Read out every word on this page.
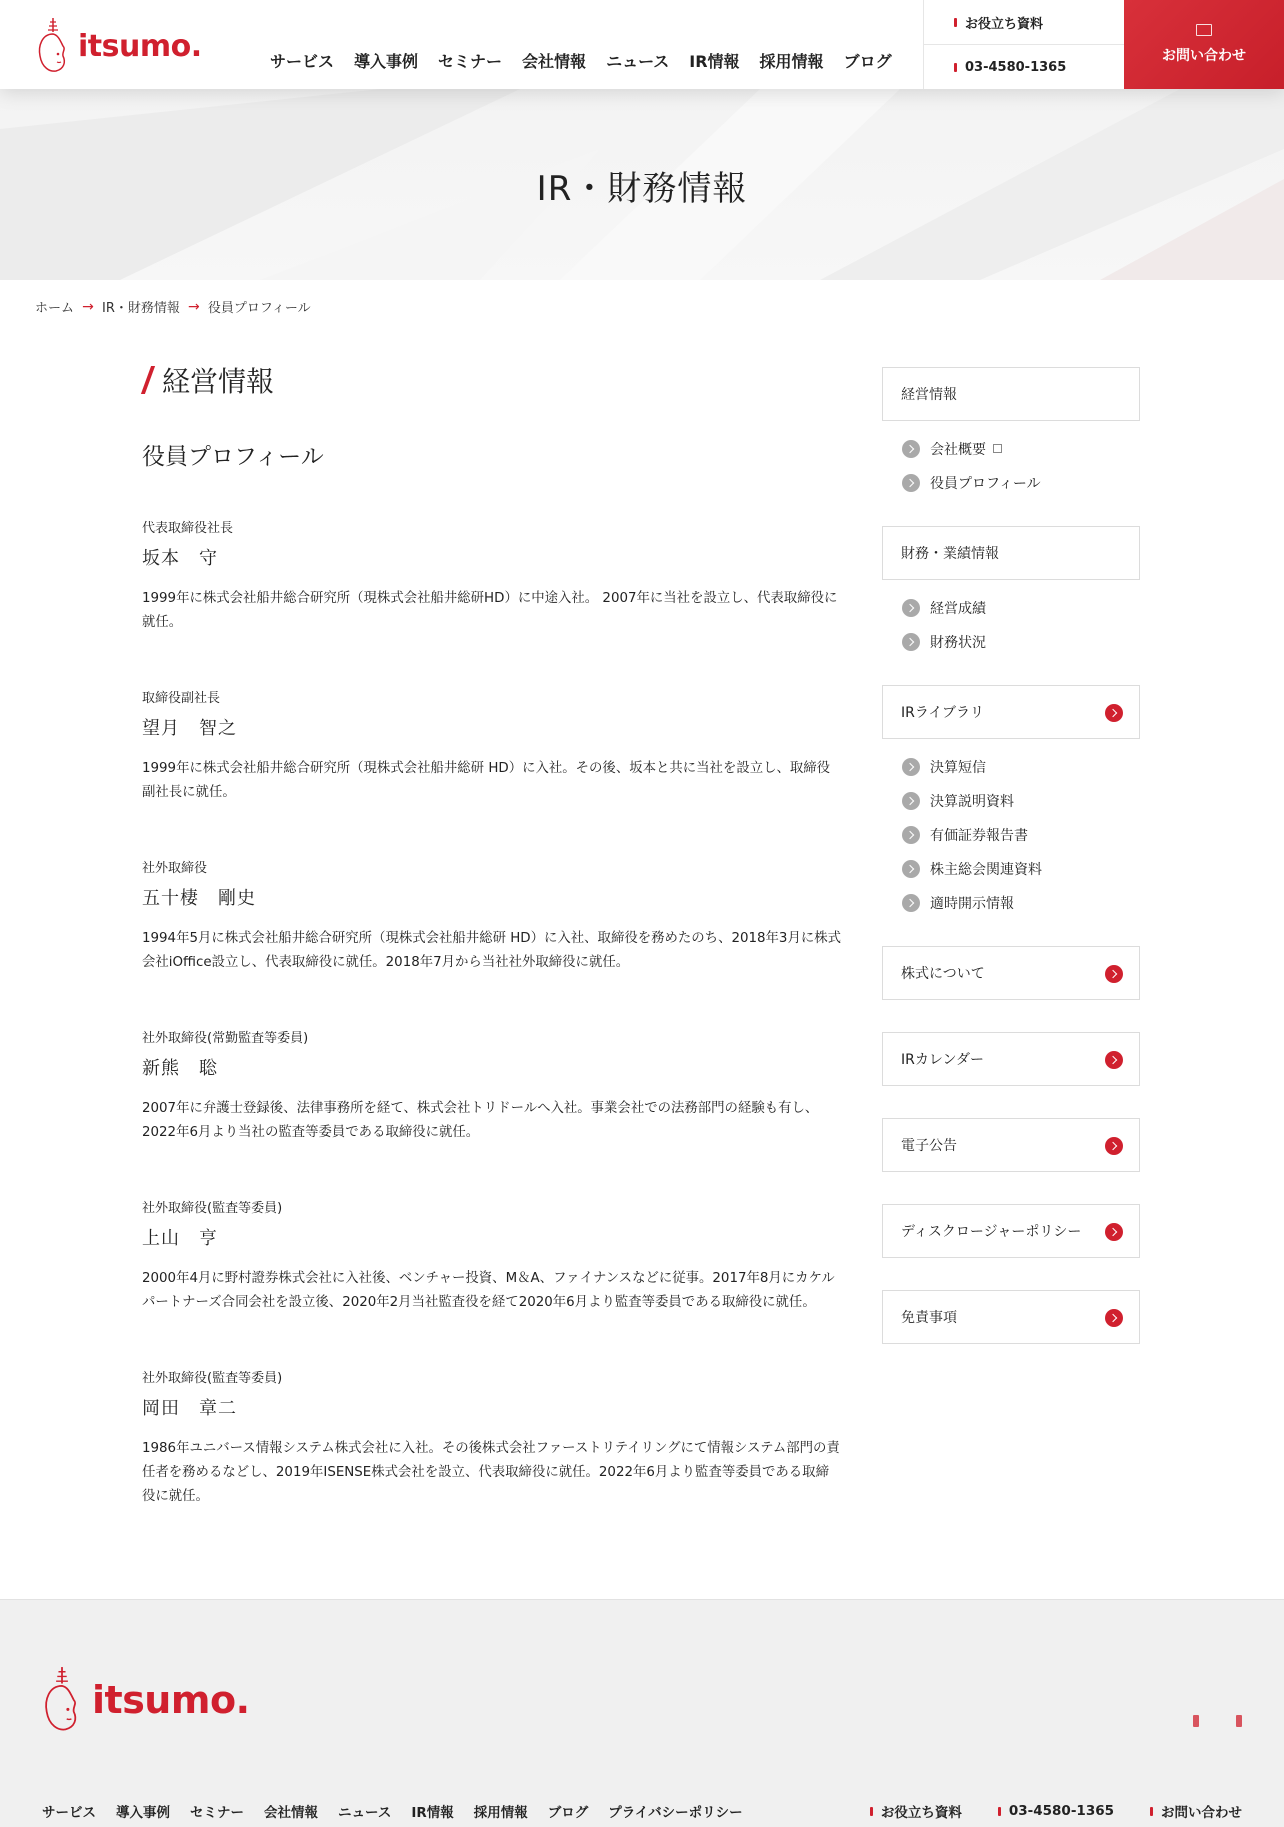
itsumo.	サービス 導入事例 セミナー 会社情報 ニュース IR情報 採用情報 ブログ
お役立ち資料
03-4580-1365
お問い合わせ
IR・財務情報
ホーム → IR・財務情報 → 役員プロフィール
経営情報
役員プロフィール
代表取締役社長
坂本　守
1999年に株式会社船井総合研究所（現株式会社船井総研HD）に中途入社。 2007年に当社を設立し、代表取締役に就任。
取締役副社長
望月　智之
1999年に株式会社船井総合研究所（現株式会社船井総研 HD）に入社。その後、坂本と共に当社を設立し、取締役副社長に就任。
社外取締役
五十棲　剛史
1994年5月に株式会社船井総合研究所（現株式会社船井総研 HD）に入社、取締役を務めたのち、2018年3月に株式会社iOffice設立し、代表取締役に就任。2018年7月から当社社外取締役に就任。
社外取締役(常勤監査等委員)
新熊　聡
2007年に弁護士登録後、法律事務所を経て、株式会社トリドールへ入社。事業会社での法務部門の経験も有し、2022年6月より当社の監査等委員である取締役に就任。
社外取締役(監査等委員)
上山　亨
2000年4月に野村證券株式会社に入社後、ベンチャー投資、M＆A、ファイナンスなどに従事。2017年8月にカケルパートナーズ合同会社を設立後、2020年2月当社監査役を経て2020年6月より監査等委員である取締役に就任。
社外取締役(監査等委員)
岡田　章二
1986年ユニバース情報システム株式会社に入社。その後株式会社ファーストリテイリングにて情報システム部門の責任者を務めるなどし、2019年ISENSE株式会社を設立、代表取締役に就任。2022年6月より監査等委員である取締役に就任。
経営情報
会社概要
役員プロフィール
財務・業績情報
経営成績
財務状況
IRライブラリ
決算短信
決算説明資料
有価証券報告書
株主総会関連資料
適時開示情報
株式について
IRカレンダー
電子公告
ディスクロージャーポリシー
免責事項
itsumo.
サービス	導入事例	セミナー	会社情報	ニュース	IR情報	採用情報	ブログ	プライバシーポリシー	お役立ち資料	03-4580-1365	お問い合わせ
